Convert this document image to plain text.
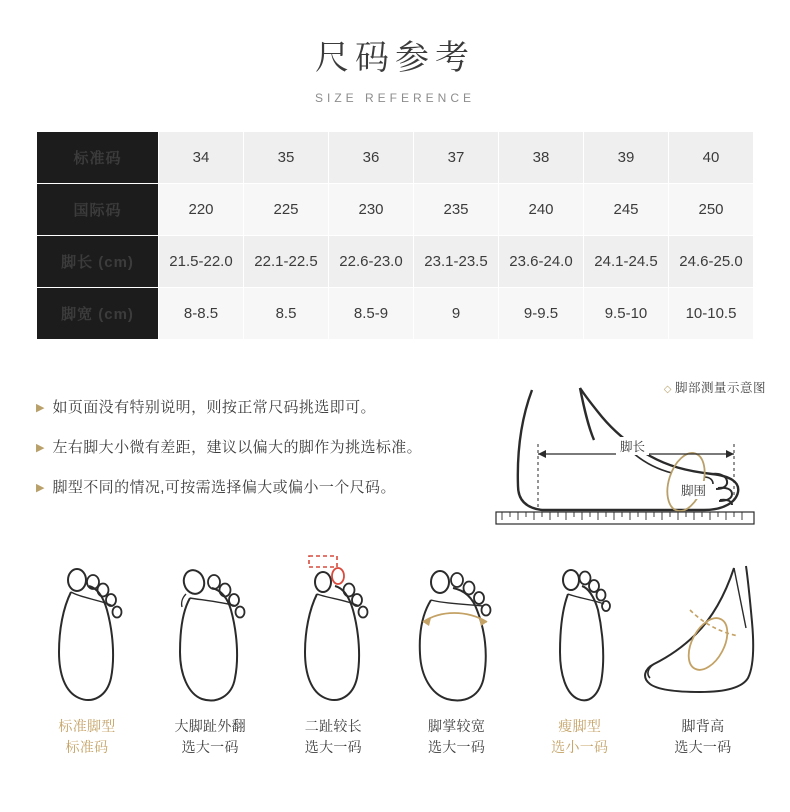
尺码参考
SIZE REFERENCE
标准码	34	35	36	37	38	39	40
国际码	220	225	230	235	240	245	250
脚长 (cm)	21.5-22.0	22.1-22.5	22.6-23.0	23.1-23.5	23.6-24.0	24.1-24.5	24.6-25.0
脚宽 (cm)	8-8.5	8.5	8.5-9	9	9-9.5	9.5-10	10-10.5
▶ 如页面没有特别说明，则按正常尺码挑选即可。
▶ 左右脚大小微有差距，建议以偏大的脚作为挑选标准。
▶ 脚型不同的情况,可按需选择偏大或偏小一个尺码。
◇ 脚部测量示意图
脚长
脚围
标准脚型
标准码
大脚趾外翻
选大一码
二趾较长
选大一码
脚掌较宽
选大一码
瘦脚型
选小一码
脚背高
选大一码
